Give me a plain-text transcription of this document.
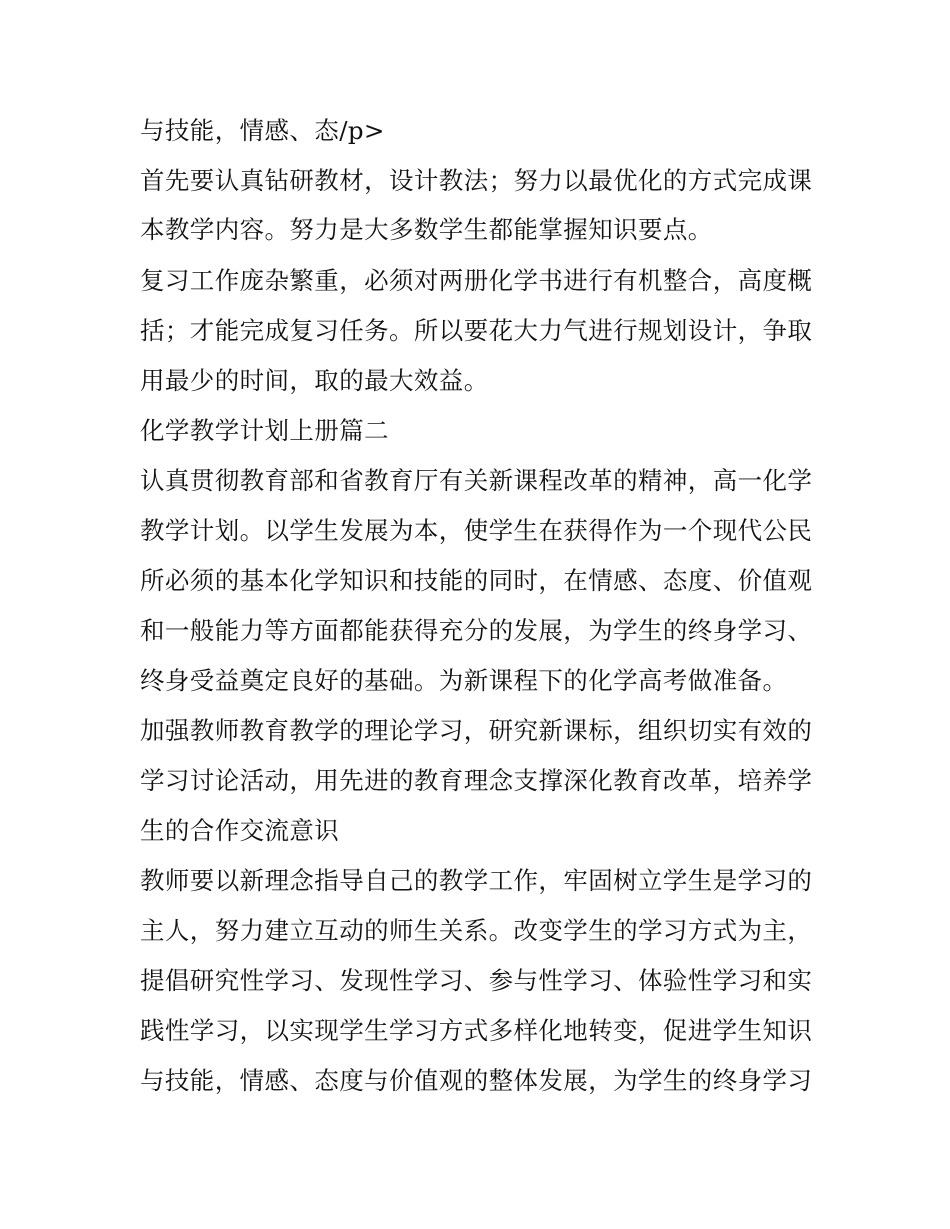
与技能，情感、态/p>
首先要认真钻研教材，设计教法；努力以最优化的方式完成课
本教学内容。努力是大多数学生都能掌握知识要点。
复习工作庞杂繁重，必须对两册化学书进行有机整合，高度概
括；才能完成复习任务。所以要花大力气进行规划设计，争取
用最少的时间，取的最大效益。
化学教学计划上册篇二
认真贯彻教育部和省教育厅有关新课程改革的精神，高一化学
教学计划。以学生发展为本，使学生在获得作为一个现代公民
所必须的基本化学知识和技能的同时，在情感、态度、价值观
和一般能力等方面都能获得充分的发展，为学生的终身学习、
终身受益奠定良好的基础。为新课程下的化学高考做准备。
加强教师教育教学的理论学习，研究新课标，组织切实有效的
学习讨论活动，用先进的教育理念支撑深化教育改革，培养学
生的合作交流意识
教师要以新理念指导自己的教学工作，牢固树立学生是学习的
主人，努力建立互动的师生关系。改变学生的学习方式为主，
提倡研究性学习、发现性学习、参与性学习、体验性学习和实
践性学习，以实现学生学习方式多样化地转变，促进学生知识
与技能，情感、态度与价值观的整体发展，为学生的终身学习
